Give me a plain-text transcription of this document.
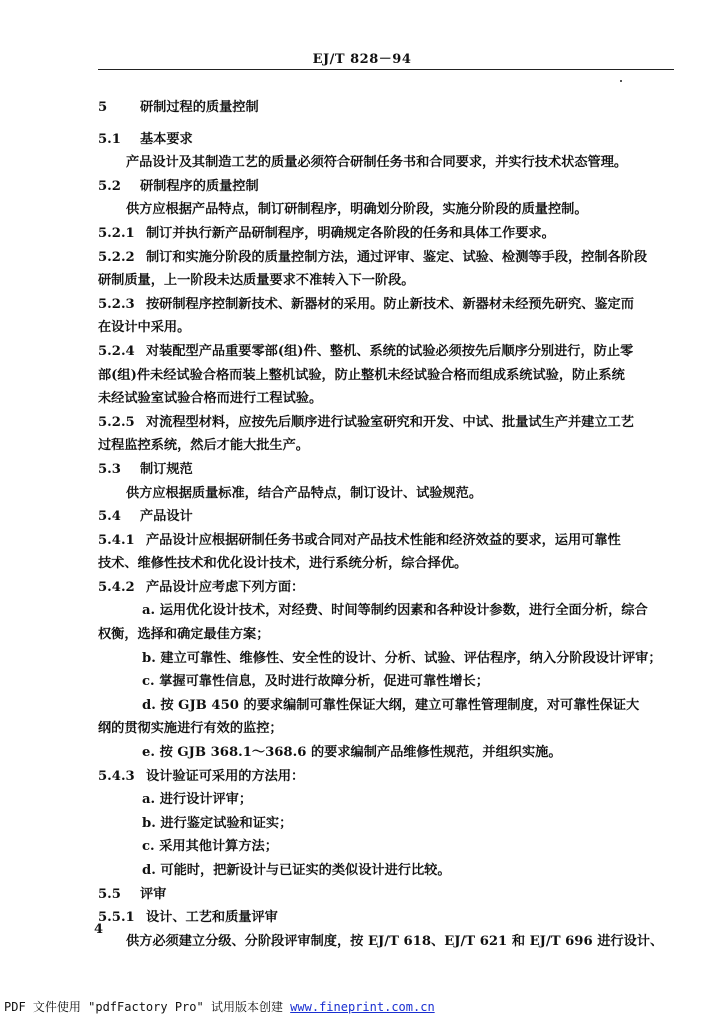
EJ/T 828－94
5 研制过程的质量控制
5.1 基本要求
产品设计及其制造工艺的质量必须符合研制任务书和合同要求，并实行技术状态管理。
5.2 研制程序的质量控制
供方应根据产品特点，制订研制程序，明确划分阶段，实施分阶段的质量控制。
5.2.1 制订并执行新产品研制程序，明确规定各阶段的任务和具体工作要求。
5.2.2 制订和实施分阶段的质量控制方法，通过评审、鉴定、试验、检测等手段，控制各阶段
研制质量，上一阶段未达质量要求不准转入下一阶段。
5.2.3 按研制程序控制新技术、新器材的采用。防止新技术、新器材未经预先研究、鉴定而
在设计中采用。
5.2.4 对装配型产品重要零部(组)件、整机、系统的试验必须按先后顺序分别进行，防止零
部(组)件未经试验合格而装上整机试验，防止整机未经试验合格而组成系统试验，防止系统
未经试验室试验合格而进行工程试验。
5.2.5 对流程型材料，应按先后顺序进行试验室研究和开发、中试、批量试生产并建立工艺
过程监控系统，然后才能大批生产。
5.3 制订规范
供方应根据质量标准，结合产品特点，制订设计、试验规范。
5.4 产品设计
5.4.1 产品设计应根据研制任务书或合同对产品技术性能和经济效益的要求，运用可靠性
技术、维修性技术和优化设计技术，进行系统分析，综合择优。
5.4.2 产品设计应考虑下列方面：
a. 运用优化设计技术，对经费、时间等制约因素和各种设计参数，进行全面分析，综合
权衡，选择和确定最佳方案；
b. 建立可靠性、维修性、安全性的设计、分析、试验、评估程序，纳入分阶段设计评审；
c. 掌握可靠性信息，及时进行故障分析，促进可靠性增长；
d. 按 GJB 450 的要求编制可靠性保证大纲，建立可靠性管理制度，对可靠性保证大
纲的贯彻实施进行有效的监控；
e. 按 GJB 368.1～368.6 的要求编制产品维修性规范，并组织实施。
5.4.3 设计验证可采用的方法用：
a. 进行设计评审；
b. 进行鉴定试验和证实；
c. 采用其他计算方法；
d. 可能时，把新设计与已证实的类似设计进行比较。
5.5 评审
5.5.1 设计、工艺和质量评审
供方必须建立分级、分阶段评审制度，按 EJ/T 618、EJ/T 621 和 EJ/T 696 进行设计、
4
PDF 文件使用 "pdfFactory Pro" 试用版本创建 www.fineprint.com.cn
